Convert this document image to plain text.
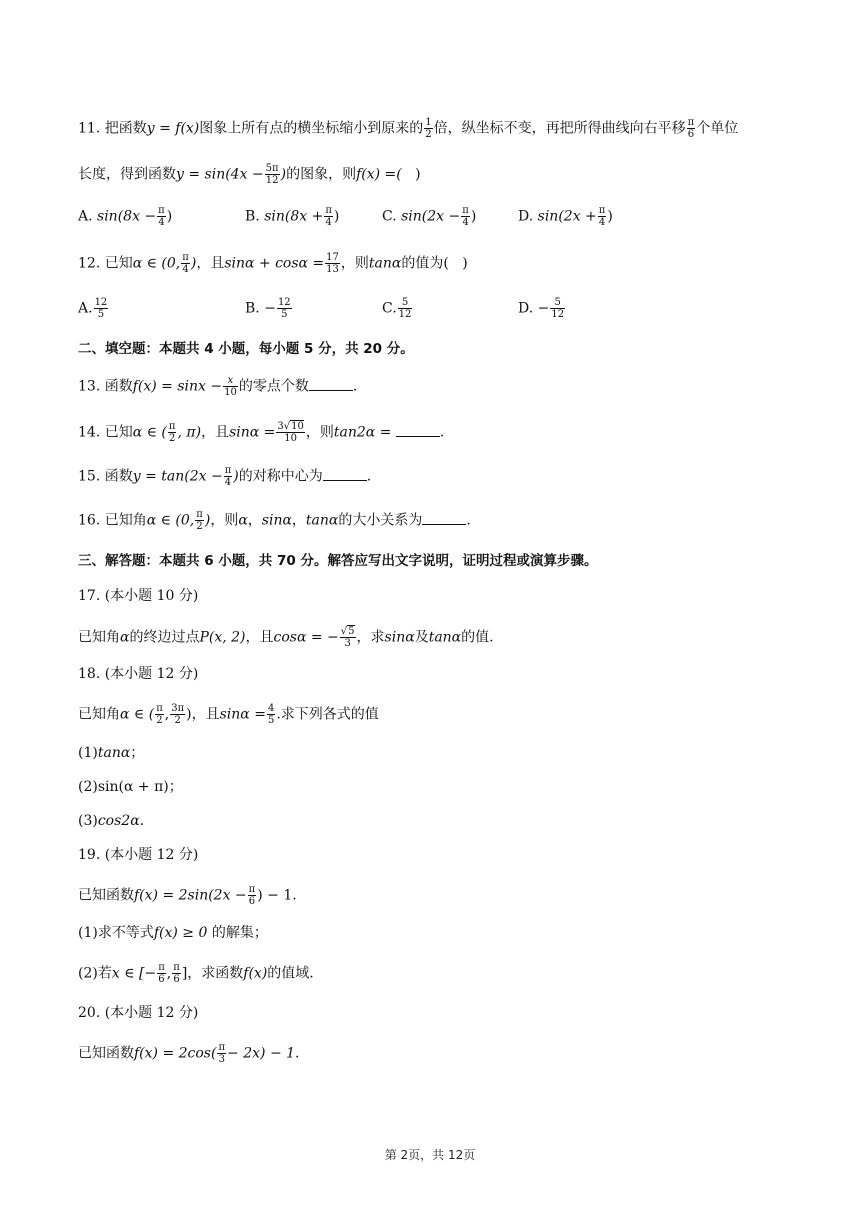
11. 把函数y = f(x)图象上所有点的横坐标缩小到原来的 $\frac{1}{2}$ 倍，纵坐标不变，再把所得曲线向右平移 $\frac{\pi}{6}$ 个单位
长度，得到函数$y = \sin(4x - \frac{5\pi}{12}$ )的图象，则f(x) =( )
A. $\sin(8x - \frac{\pi}{4}$ )	B. $\sin(8x + \frac{\pi}{4}$ )	C. $\sin(2x - \frac{\pi}{4}$ )	D. $\sin(2x + \frac{\pi}{4}$ )
12. 已知α ∈ (0, $\frac{\pi}{4}$ )，且$\sin\alpha + \cos\alpha = \frac{17}{13}$ ，则tanα的值为( )
A. $\frac{12}{5}$	B. − $\frac{12}{5}$	C. $\frac{5}{12}$	D. − $\frac{5}{12}$
二、填空题：本题共 4 小题，每小题 5 分，共 20 分。
13. 函数$f(x) = \sin x - \frac{x}{10}$ 的零点个数	.
14. 已知α ∈ ( $\frac{\pi}{2}$ , π)，且$\sin\alpha = \frac{3√10}{10}$ ，则tan2α =	.
15. 函数$y = \tan(2x - \frac{\pi}{4}$ )的对称中心为	.
16. 已知角α ∈ (0, $\frac{\pi}{2}$ )，则α，sinα，tanα的大小关系为	.
三、解答题：本题共 6 小题，共 70 分。解答应写出文字说明，证明过程或演算步骤。
17. (本小题 10 分)
已知角α的终边过点P(x, 2)，且cosα = − $\frac{√5}{3}$ ，求sinα及tanα的值.
18. (本小题 12 分)
已知角α ∈ ( $\frac{\pi}{2}$ , $\frac{3\pi}{2}$ )，且$\sin\alpha = \frac{4}{5}$ .求下列各式的值
(1)tanα；
(2)sin(α + π)；
(3)cos2α.
19. (本小题 12 分)
已知函数$f(x) = 2\sin(2x - \frac{\pi}{6}$ ) − 1.
(1)求不等式f(x) ≥ 0 的解集；
(2)若x ∈ [− $\frac{\pi}{6}$ , $\frac{\pi}{6}$ ]，求函数f(x)的值域.
20. (本小题 12 分)
已知函数$f(x) = 2\cos( \frac{\pi}{3} - 2x) - 1$.
第 2页，共 12页
